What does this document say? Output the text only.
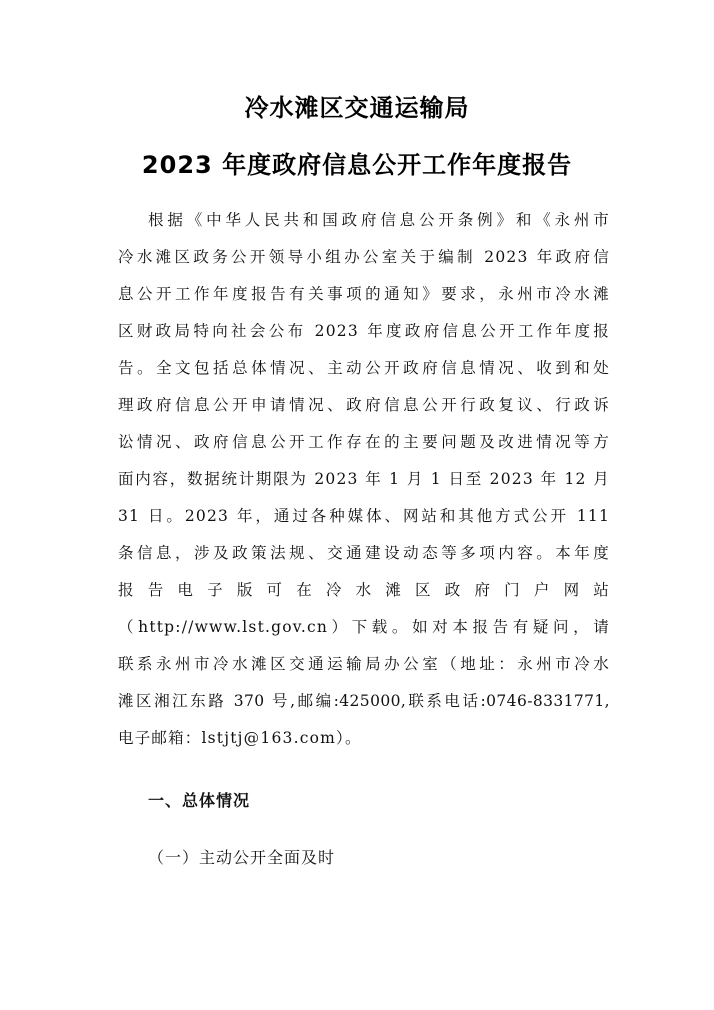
冷水滩区交通运输局
2023 年度政府信息公开工作年度报告
根据《中华人民共和国政府信息公开条例》和《永州市
冷水滩区政务公开领导小组办公室关于编制 2023 年政府信
息公开工作年度报告有关事项的通知》要求，永州市冷水滩
区财政局特向社会公布 2023 年度政府信息公开工作年度报
告。全文包括总体情况、主动公开政府信息情况、收到和处
理政府信息公开申请情况、政府信息公开行政复议、行政诉
讼情况、政府信息公开工作存在的主要问题及改进情况等方
面内容，数据统计期限为 2023 年 1 月 1 日至 2023 年 12 月
31 日。2023 年，通过各种媒体、网站和其他方式公开 111
条信息，涉及政策法规、交通建设动态等多项内容。本年度
报告电子版可在冷水滩区政府门户网站
（http://www.lst.gov.cn）下载。如对本报告有疑问，请
联系永州市冷水滩区交通运输局办公室（地址：永州市冷水
滩区湘江东路 370 号,邮编:425000,联系电话:0746-8331771,
电子邮箱：lstjtj@163.com）。
一、总体情况
（一）主动公开全面及时
